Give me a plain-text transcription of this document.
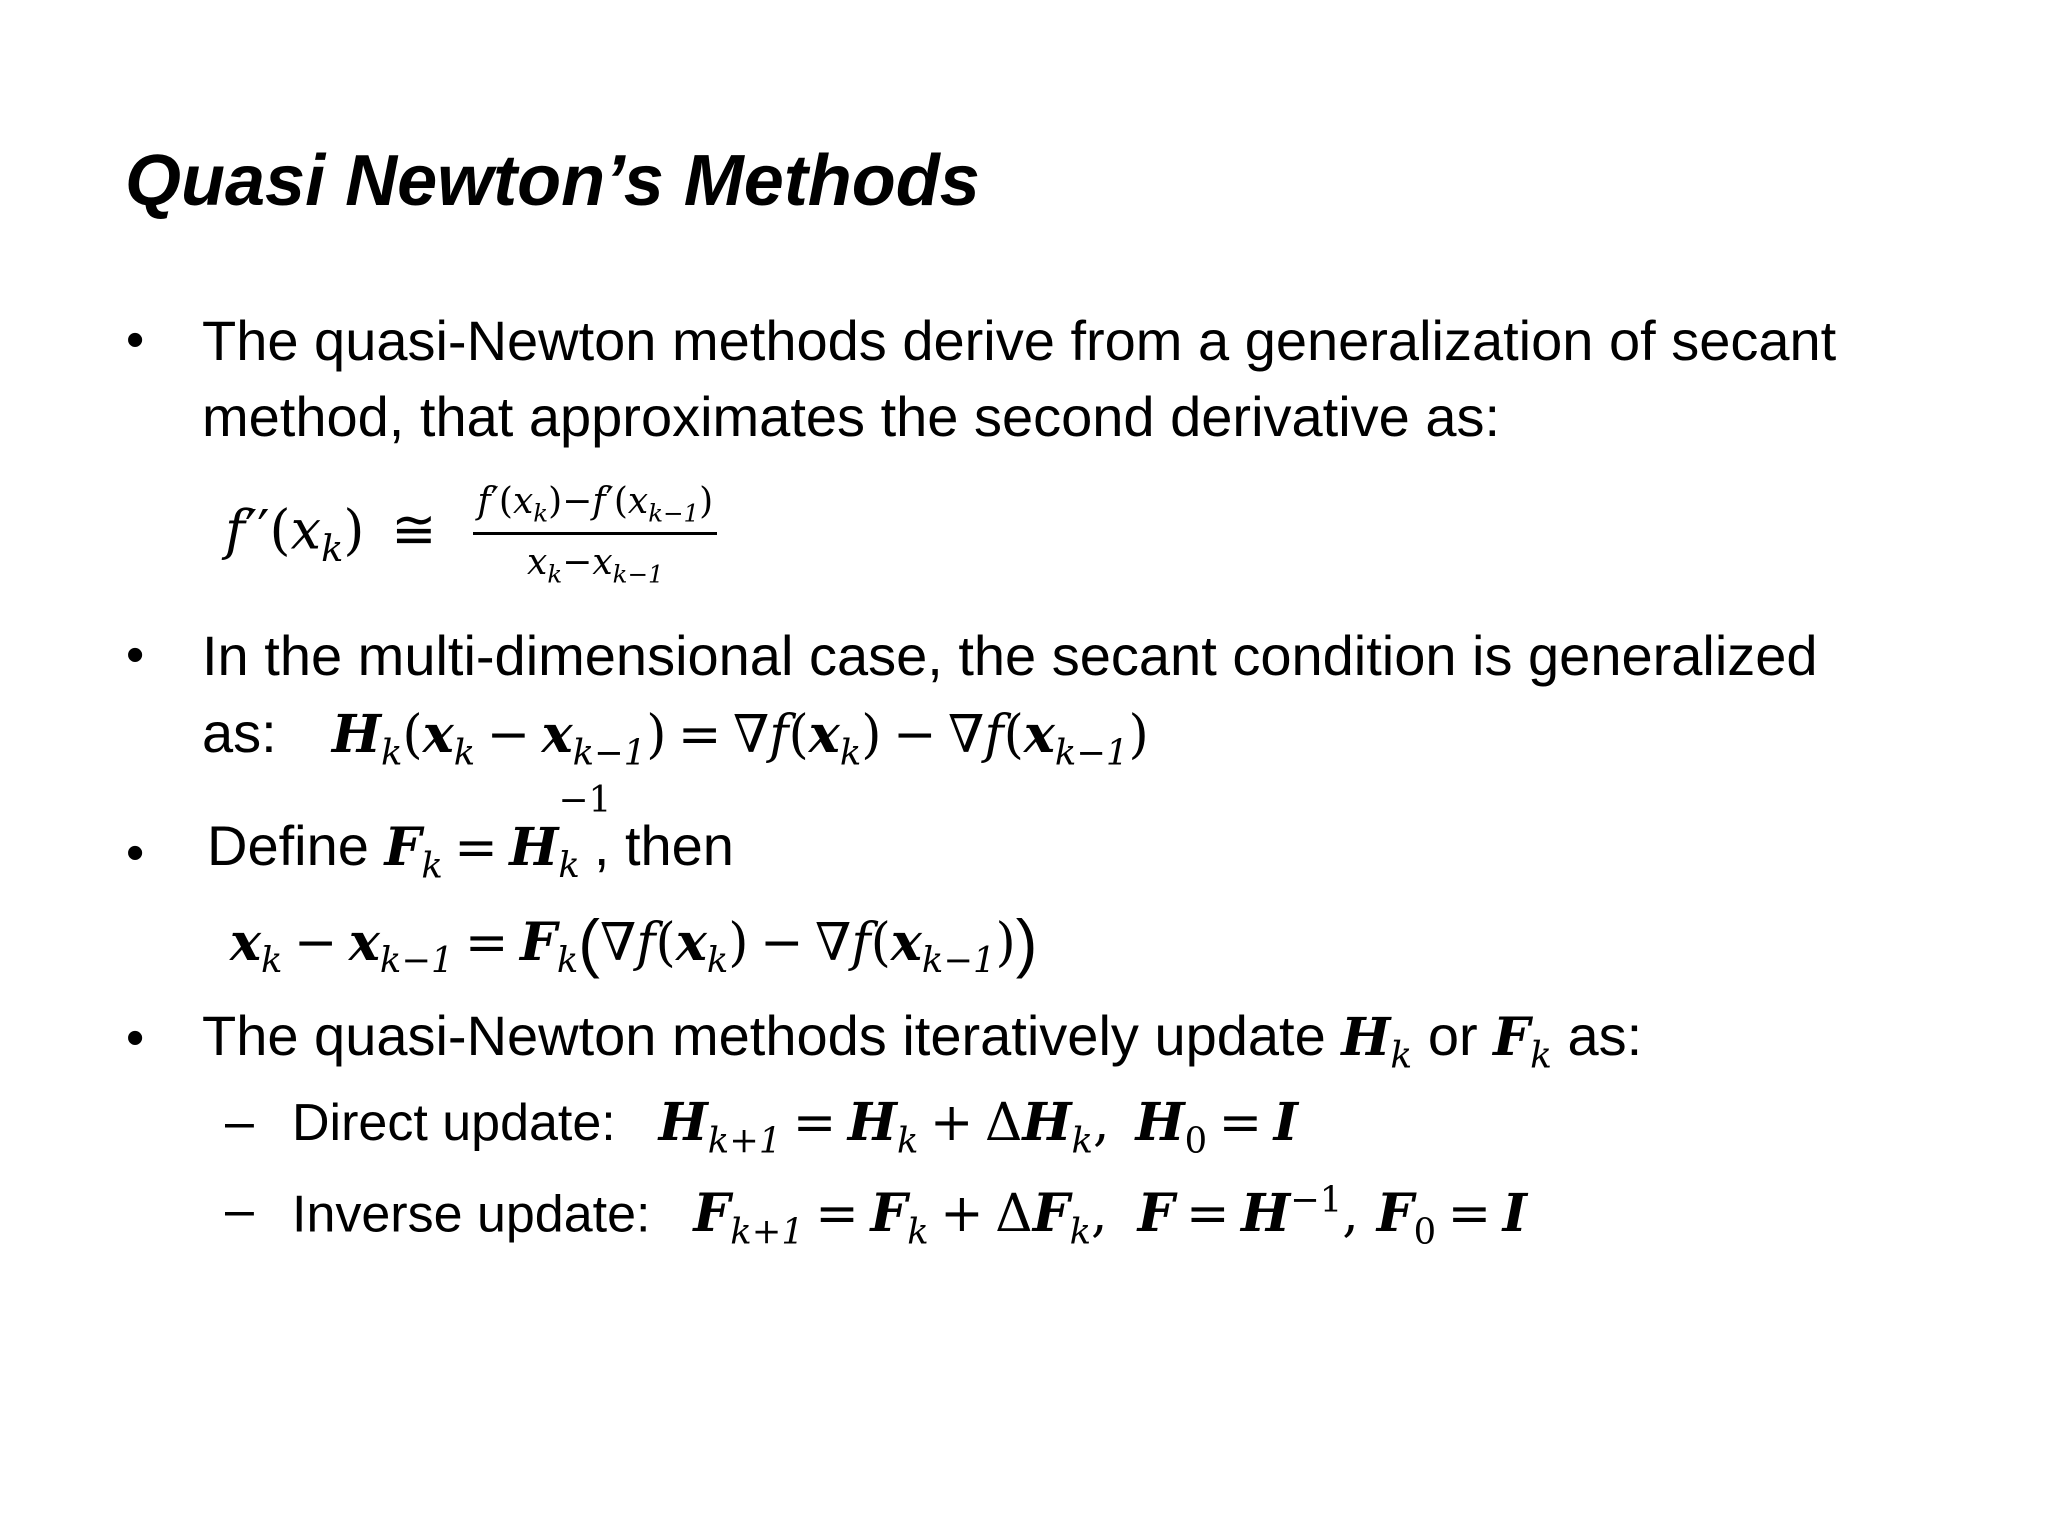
Quasi Newton’s Methods
• The quasi-Newton methods derive from a generalization of secant
method, that approximates the second derivative as:
$f''(x_k)$ ≅ $\frac{f'(x_k)-f'(x_{k-1})}{x_k-x_{k-1}}$
• In the multi-dimensional case, the secant condition is generalized
as: $H_k(x_k - x_{k-1}) = \nabla f(x_k) - \nabla f(x_{k-1})$
• Define $F_k = H_k$
−1
, then
$x_k - x_{k-1} = F_k(\nabla f(x_k) - \nabla f(x_{k-1}))$
• The quasi-Newton methods iteratively update $H_k$ or $F_k$ as:
– Direct update: $H_{k+1} = H_k + \Delta H_k$, $H_0 = I$
– Inverse update: $F_{k+1} = F_k + \Delta F_k$, $F = H^{-1}$, $F_0 = I$
